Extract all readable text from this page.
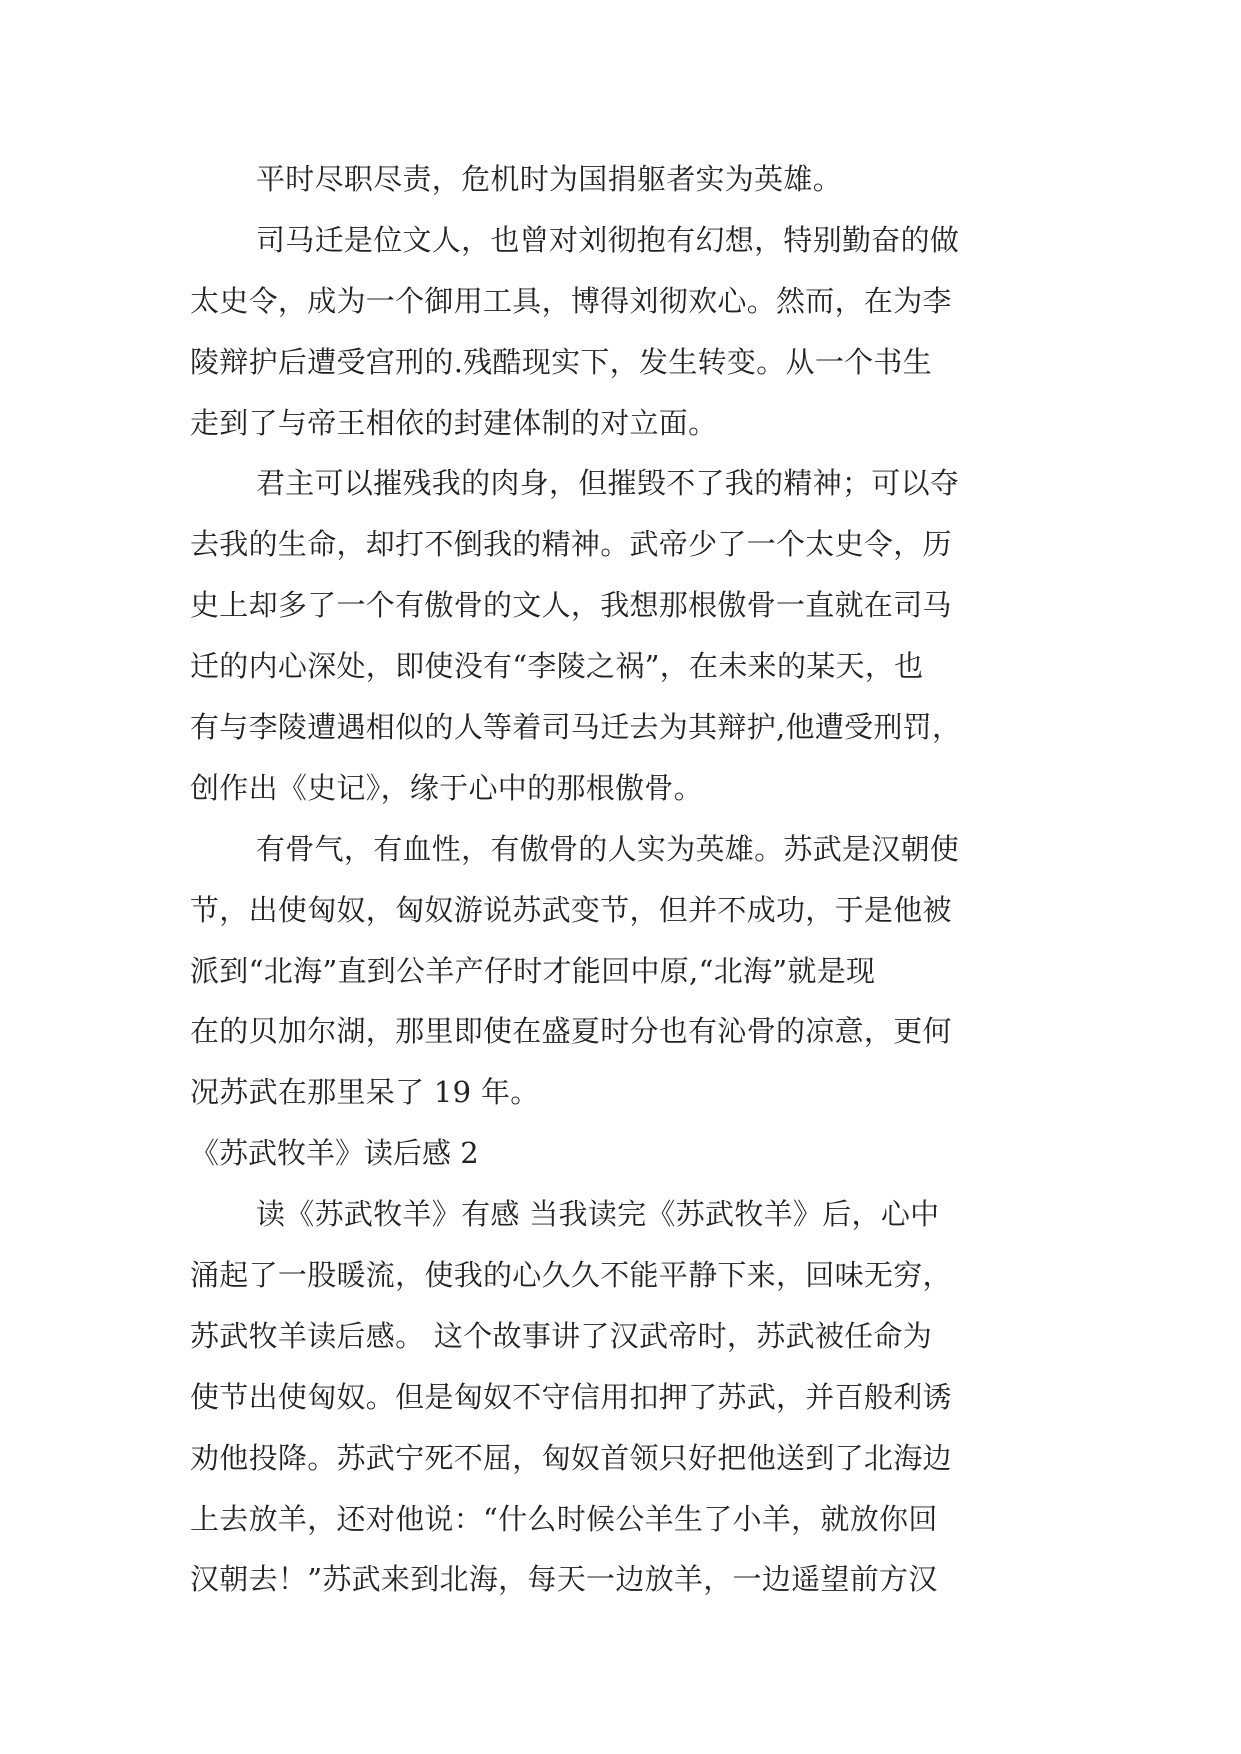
平时尽职尽责，危机时为国捐躯者实为英雄。
司马迁是位文人，也曾对刘彻抱有幻想，特别勤奋的做
太史令，成为一个御用工具，博得刘彻欢心。然而，在为李
陵辩护后遭受宫刑的.残酷现实下，发生转变。从一个书生
走到了与帝王相依的封建体制的对立面。
君主可以摧残我的肉身，但摧毁不了我的精神；可以夺
去我的生命，却打不倒我的精神。武帝少了一个太史令，历
史上却多了一个有傲骨的文人，我想那根傲骨一直就在司马
迁的内心深处，即使没有“李陵之祸”，在未来的某天，也
有与李陵遭遇相似的人等着司马迁去为其辩护,他遭受刑罚，
创作出《史记》，缘于心中的那根傲骨。
有骨气，有血性，有傲骨的人实为英雄。苏武是汉朝使
节，出使匈奴，匈奴游说苏武变节，但并不成功，于是他被
派到“北海”直到公羊产仔时才能回中原,“北海”就是现
在的贝加尔湖，那里即使在盛夏时分也有沁骨的凉意，更何
况苏武在那里呆了 19 年。
《苏武牧羊》读后感 2
读《苏武牧羊》有感 当我读完《苏武牧羊》后，心中
涌起了一股暖流，使我的心久久不能平静下来，回味无穷，
苏武牧羊读后感。 这个故事讲了汉武帝时，苏武被任命为
使节出使匈奴。但是匈奴不守信用扣押了苏武，并百般利诱
劝他投降。苏武宁死不屈，匈奴首领只好把他送到了北海边
上去放羊，还对他说：“什么时候公羊生了小羊，就放你回
汉朝去！”苏武来到北海，每天一边放羊，一边遥望前方汉
